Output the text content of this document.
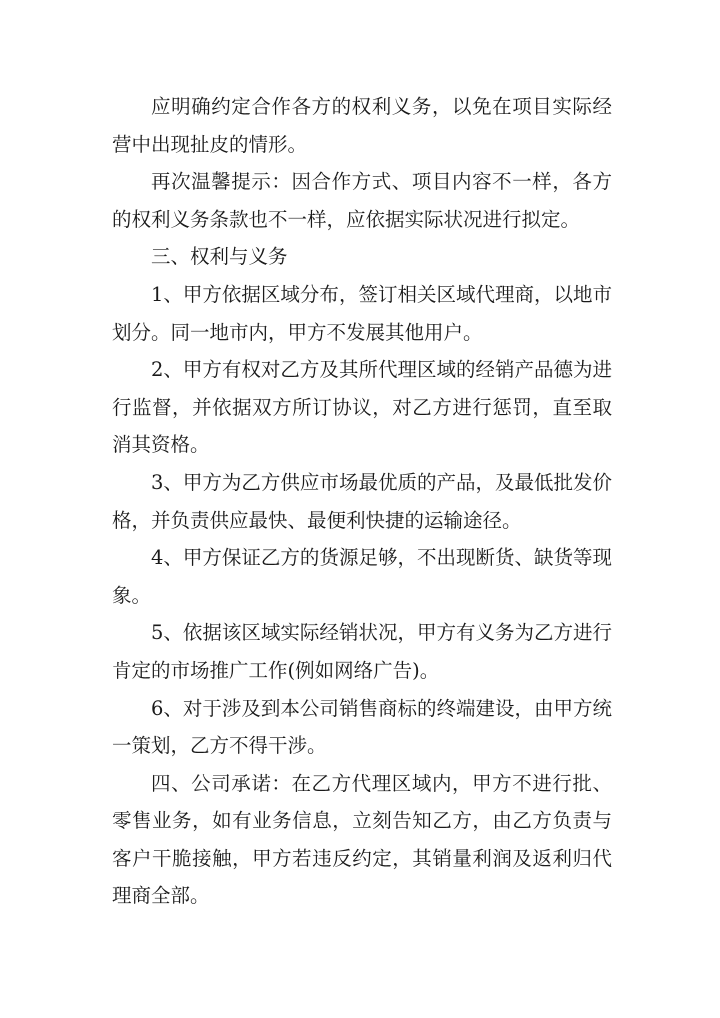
应明确约定合作各方的权利义务，以免在项目实际经营中出现扯皮的情形。

再次温馨提示：因合作方式、项目内容不一样，各方的权利义务条款也不一样，应依据实际状况进行拟定。

三、权利与义务

1、甲方依据区域分布，签订相关区域代理商，以地市划分。同一地市内，甲方不发展其他用户。

2、甲方有权对乙方及其所代理区域的经销产品德为进行监督，并依据双方所订协议，对乙方进行惩罚，直至取消其资格。

3、甲方为乙方供应市场最优质的产品，及最低批发价格，并负责供应最快、最便利快捷的运输途径。

4、甲方保证乙方的货源足够，不出现断货、缺货等现象。

5、依据该区域实际经销状况，甲方有义务为乙方进行肯定的市场推广工作(例如网络广告)。

6、对于涉及到本公司销售商标的终端建设，由甲方统一策划，乙方不得干涉。

四、公司承诺：在乙方代理区域内，甲方不进行批、零售业务，如有业务信息，立刻告知乙方，由乙方负责与客户干脆接触，甲方若违反约定，其销量利润及返利归代理商全部。
